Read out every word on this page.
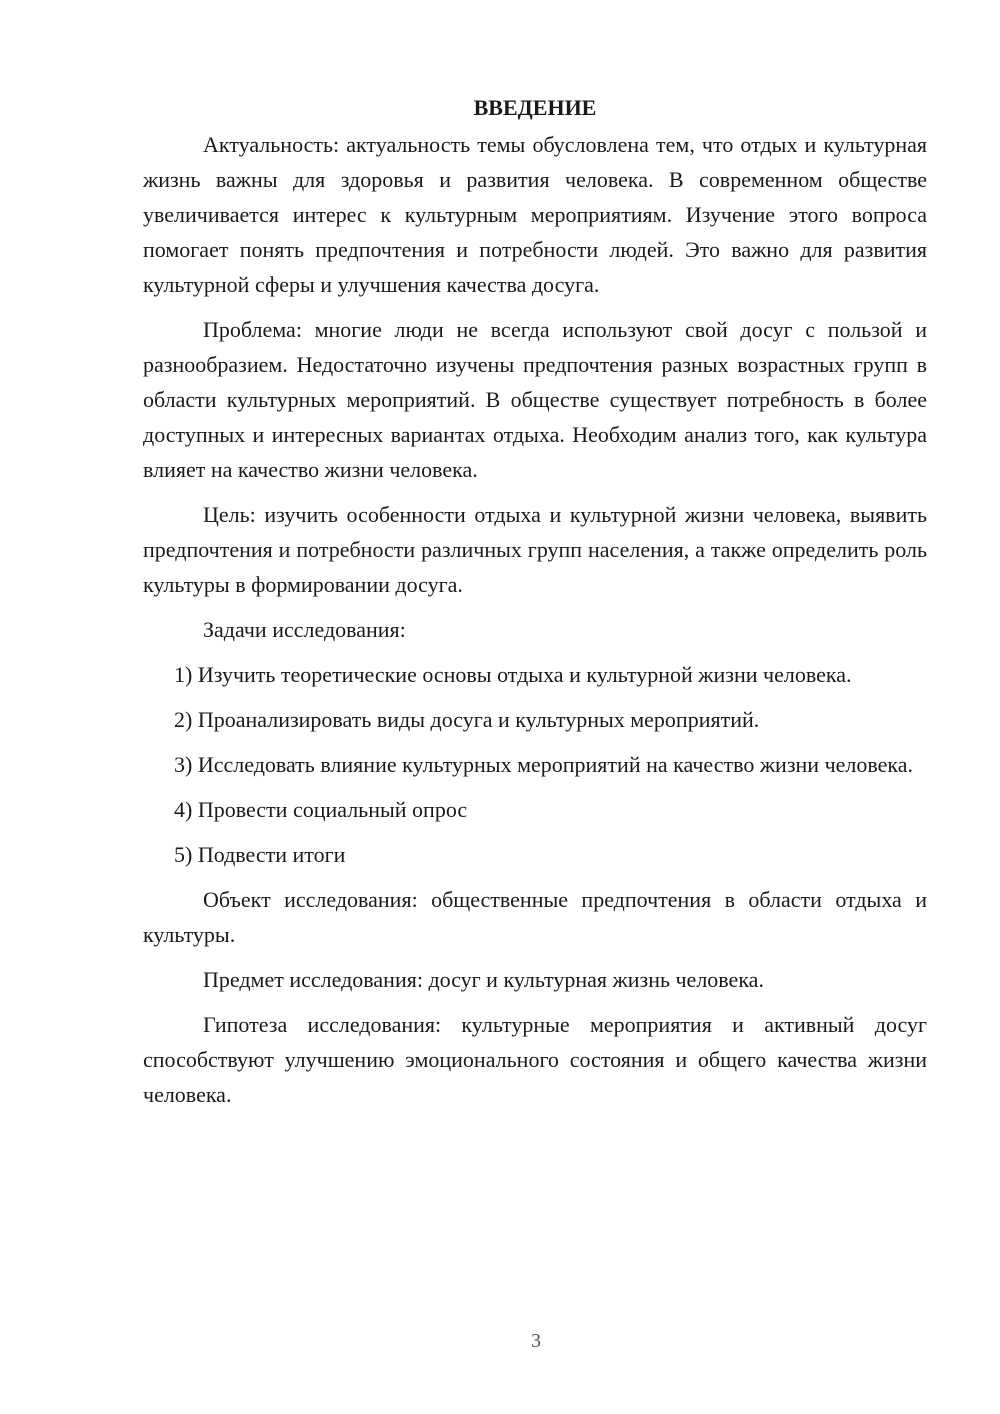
ВВЕДЕНИЕ

Актуальность: актуальность темы обусловлена тем, что отдых и культурная жизнь важны для здоровья и развития человека. В современном обществе увеличивается интерес к культурным мероприятиям. Изучение этого вопроса помогает понять предпочтения и потребности людей. Это важно для развития культурной сферы и улучшения качества досуга.

Проблема: многие люди не всегда используют свой досуг с пользой и разнообразием. Недостаточно изучены предпочтения разных возрастных групп в области культурных мероприятий. В обществе существует потребность в более доступных и интересных вариантах отдыха. Необходим анализ того, как культура влияет на качество жизни человека.

Цель: изучить особенности отдыха и культурной жизни человека, выявить предпочтения и потребности различных групп населения, а также определить роль культуры в формировании досуга.

Задачи исследования:

1) Изучить теоретические основы отдыха и культурной жизни человека.

2) Проанализировать виды досуга и культурных мероприятий.

3) Исследовать влияние культурных мероприятий на качество жизни человека.

4) Провести социальный опрос

5) Подвести итоги

Объект исследования: общественные предпочтения в области отдыха и культуры.

Предмет исследования: досуг и культурная жизнь человека.

Гипотеза исследования: культурные мероприятия и активный досуг способствуют улучшению эмоционального состояния и общего качества жизни человека.

3
